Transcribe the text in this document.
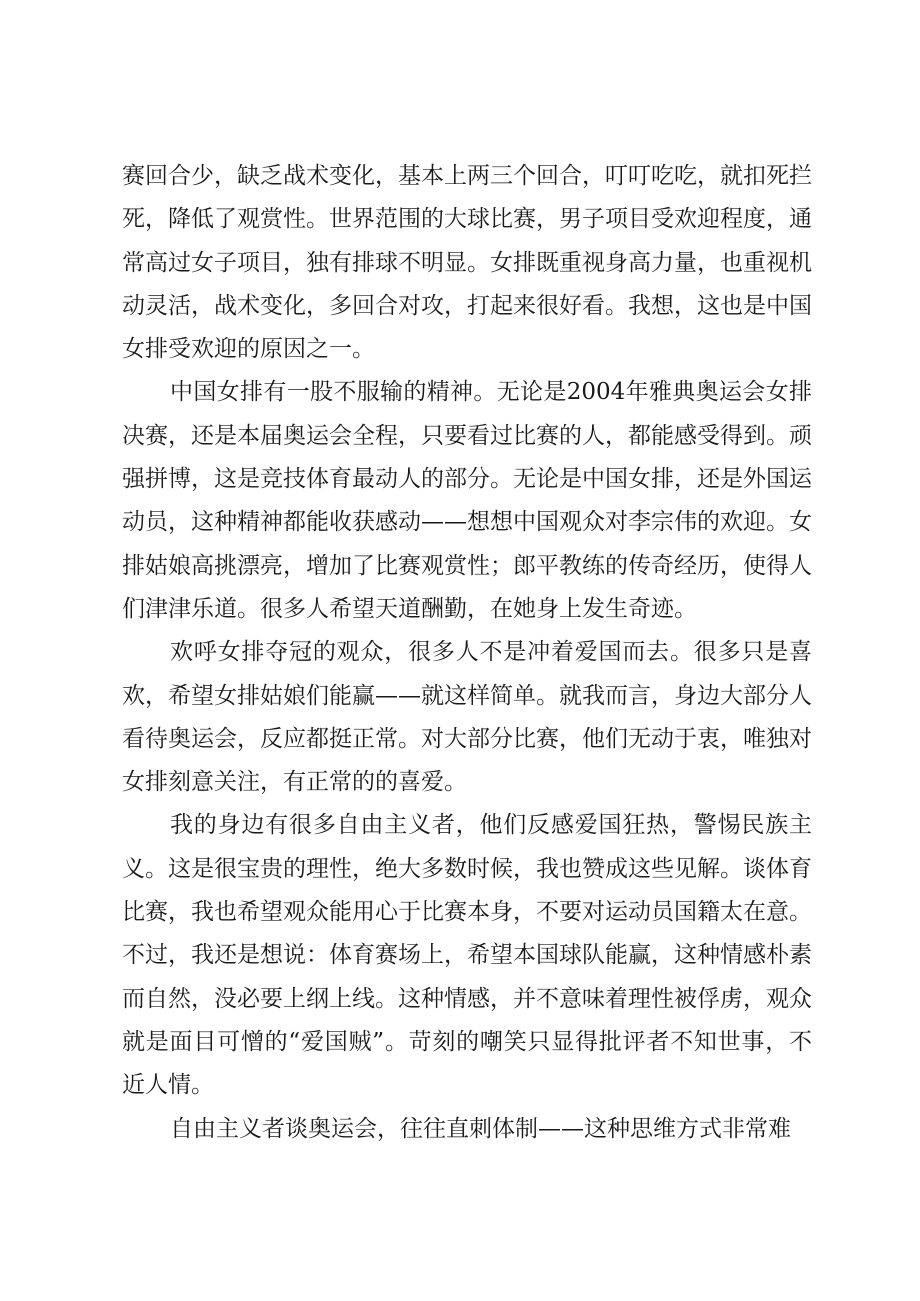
赛回合少，缺乏战术变化，基本上两三个回合，叮叮吃吃，就扣死拦死，降低了观赏性。世界范围的大球比赛，男子项目受欢迎程度，通常高过女子项目，独有排球不明显。女排既重视身高力量，也重视机动灵活，战术变化，多回合对攻，打起来很好看。我想，这也是中国女排受欢迎的原因之一。

中国女排有一股不服输的精神。无论是2004年雅典奥运会女排决赛，还是本届奥运会全程，只要看过比赛的人，都能感受得到。顽强拼博，这是竞技体育最动人的部分。无论是中国女排，还是外国运动员，这种精神都能收获感动——想想中国观众对李宗伟的欢迎。女排姑娘高挑漂亮，增加了比赛观赏性；郎平教练的传奇经历，使得人们津津乐道。很多人希望天道酬勤，在她身上发生奇迹。

欢呼女排夺冠的观众，很多人不是冲着爱国而去。很多只是喜欢，希望女排姑娘们能赢——就这样简单。就我而言，身边大部分人看待奥运会，反应都挺正常。对大部分比赛，他们无动于衷，唯独对女排刻意关注，有正常的的喜爱。

我的身边有很多自由主义者，他们反感爱国狂热，警惕民族主义。这是很宝贵的理性，绝大多数时候，我也赞成这些见解。谈体育比赛，我也希望观众能用心于比赛本身，不要对运动员国籍太在意。不过，我还是想说：体育赛场上，希望本国球队能赢，这种情感朴素而自然，没必要上纲上线。这种情感，并不意味着理性被俘虏，观众就是面目可憎的“爱国贼”。苛刻的嘲笑只显得批评者不知世事，不近人情。

自由主义者谈奥运会，往往直刺体制——这种思维方式非常难
